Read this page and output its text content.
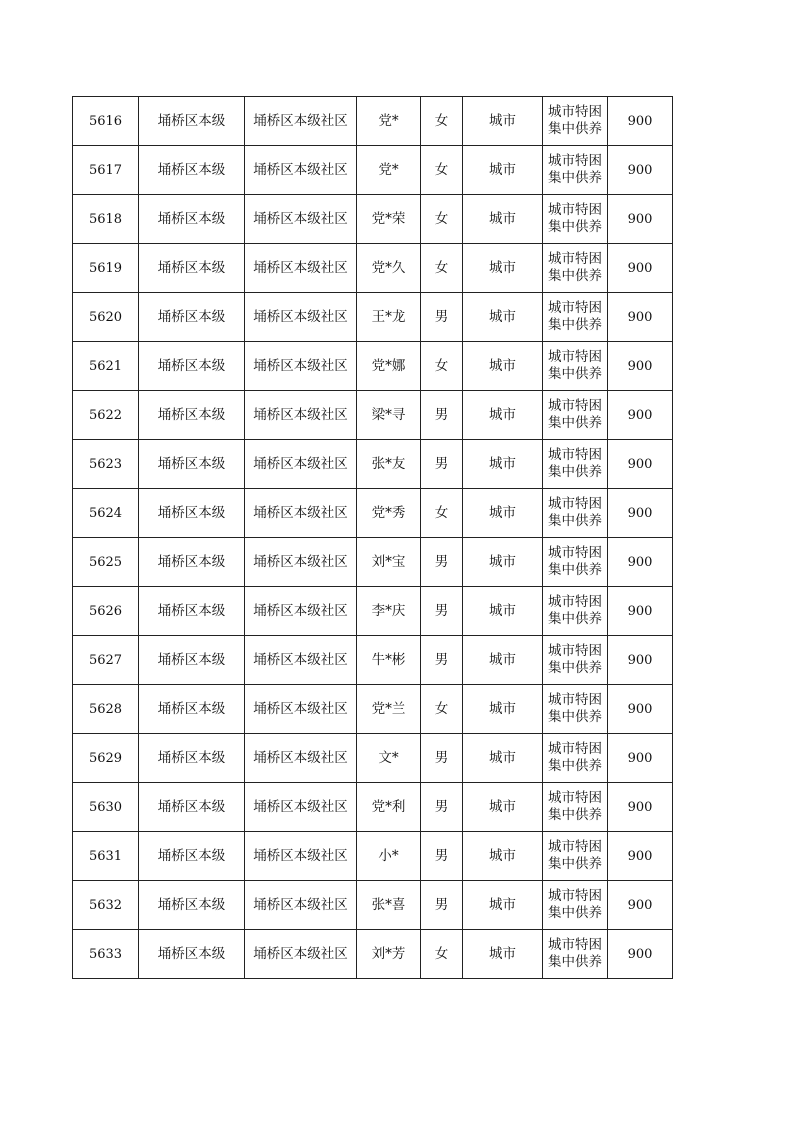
5616	埇桥区本级	埇桥区本级社区	党*	女	城市	城市特困
集中供养	900
5617	埇桥区本级	埇桥区本级社区	党*	女	城市	城市特困
集中供养	900
5618	埇桥区本级	埇桥区本级社区	党*荣	女	城市	城市特困
集中供养	900
5619	埇桥区本级	埇桥区本级社区	党*久	女	城市	城市特困
集中供养	900
5620	埇桥区本级	埇桥区本级社区	王*龙	男	城市	城市特困
集中供养	900
5621	埇桥区本级	埇桥区本级社区	党*娜	女	城市	城市特困
集中供养	900
5622	埇桥区本级	埇桥区本级社区	梁*寻	男	城市	城市特困
集中供养	900
5623	埇桥区本级	埇桥区本级社区	张*友	男	城市	城市特困
集中供养	900
5624	埇桥区本级	埇桥区本级社区	党*秀	女	城市	城市特困
集中供养	900
5625	埇桥区本级	埇桥区本级社区	刘*宝	男	城市	城市特困
集中供养	900
5626	埇桥区本级	埇桥区本级社区	李*庆	男	城市	城市特困
集中供养	900
5627	埇桥区本级	埇桥区本级社区	牛*彬	男	城市	城市特困
集中供养	900
5628	埇桥区本级	埇桥区本级社区	党*兰	女	城市	城市特困
集中供养	900
5629	埇桥区本级	埇桥区本级社区	文*	男	城市	城市特困
集中供养	900
5630	埇桥区本级	埇桥区本级社区	党*利	男	城市	城市特困
集中供养	900
5631	埇桥区本级	埇桥区本级社区	小*	男	城市	城市特困
集中供养	900
5632	埇桥区本级	埇桥区本级社区	张*喜	男	城市	城市特困
集中供养	900
5633	埇桥区本级	埇桥区本级社区	刘*芳	女	城市	城市特困
集中供养	900
